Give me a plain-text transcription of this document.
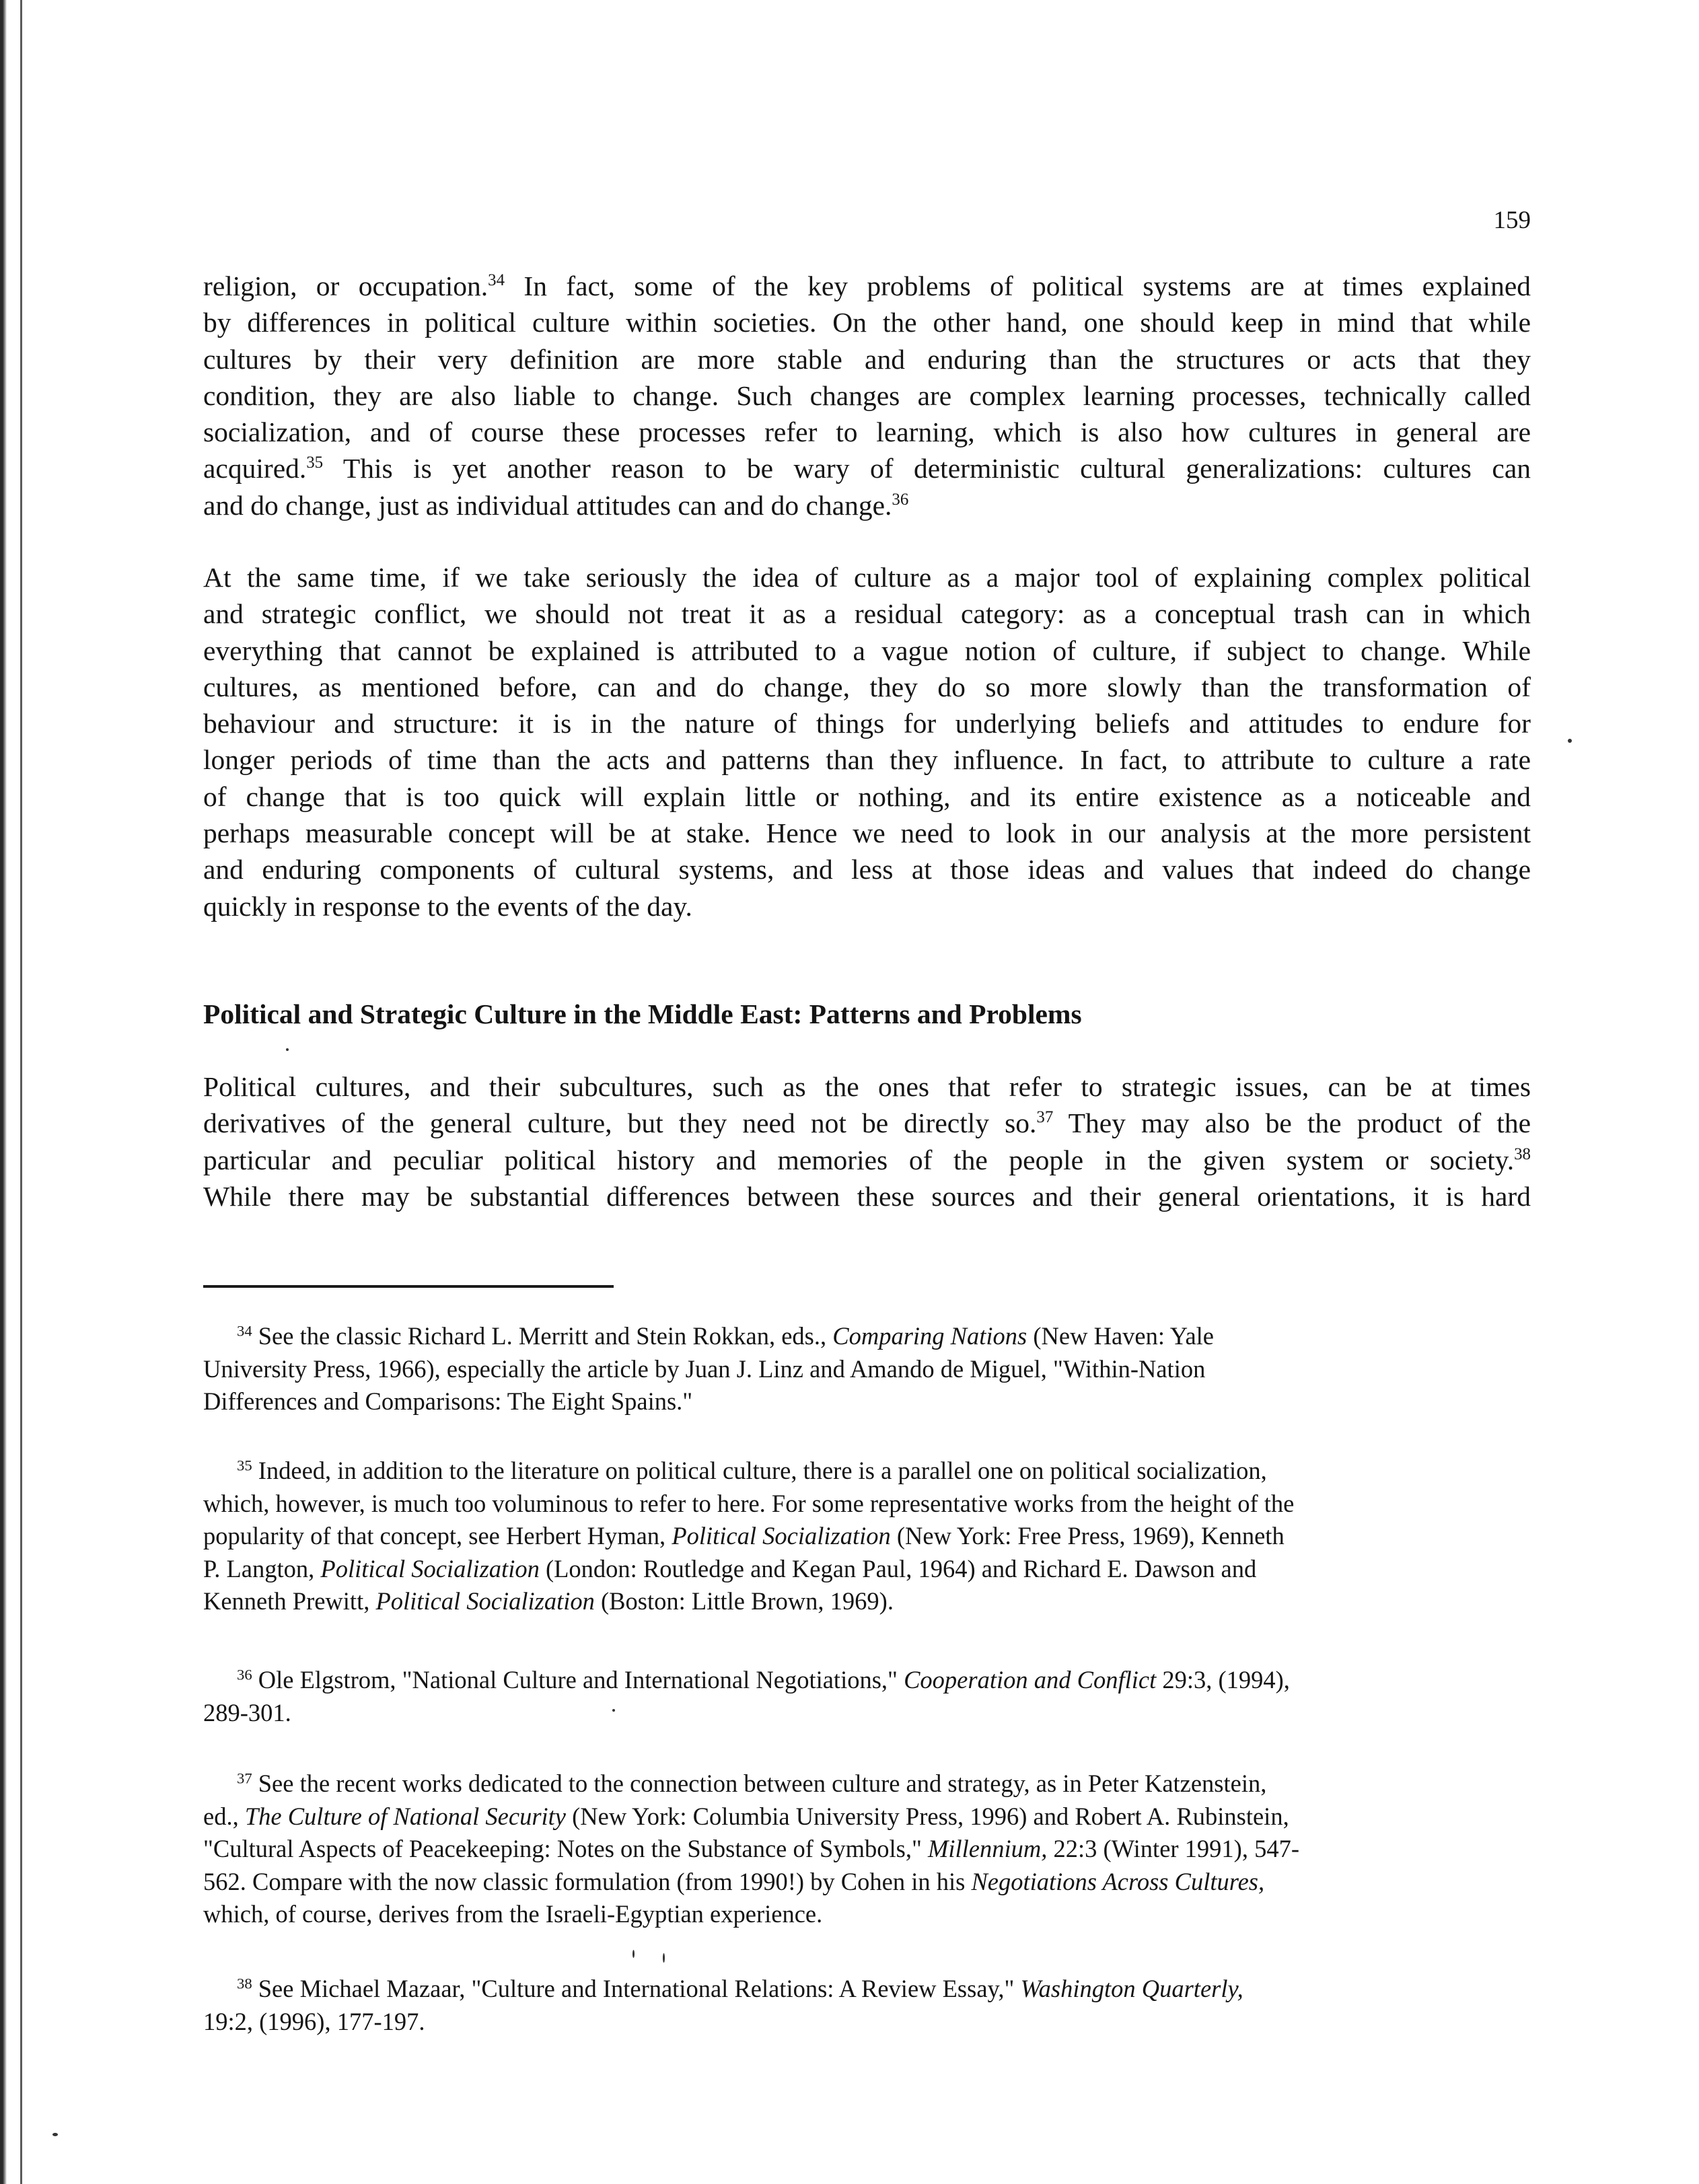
159
religion, or occupation.$^{34}$ In fact, some of the key problems of political systems are at times explained
by differences in political culture within societies. On the other hand, one should keep in mind that while
cultures by their very definition are more stable and enduring than the structures or acts that they
condition, they are also liable to change. Such changes are complex learning processes, technically called
socialization, and of course these processes refer to learning, which is also how cultures in general are
acquired.$^{35}$ This is yet another reason to be wary of deterministic cultural generalizations: cultures can
and do change, just as individual attitudes can and do change.$^{36}$
At the same time, if we take seriously the idea of culture as a major tool of explaining complex political
and strategic conflict, we should not treat it as a residual category: as a conceptual trash can in which
everything that cannot be explained is attributed to a vague notion of culture, if subject to change. While
cultures, as mentioned before, can and do change, they do so more slowly than the transformation of
behaviour and structure: it is in the nature of things for underlying beliefs and attitudes to endure for
longer periods of time than the acts and patterns than they influence. In fact, to attribute to culture a rate
of change that is too quick will explain little or nothing, and its entire existence as a noticeable and
perhaps measurable concept will be at stake. Hence we need to look in our analysis at the more persistent
and enduring components of cultural systems, and less at those ideas and values that indeed do change
quickly in response to the events of the day.
Political and Strategic Culture in the Middle East: Patterns and Problems
Political cultures, and their subcultures, such as the ones that refer to strategic issues, can be at times
derivatives of the general culture, but they need not be directly so.$^{37}$ They may also be the product of the
particular and peculiar political history and memories of the people in the given system or society.$^{38}$
While there may be substantial differences between these sources and their general orientations, it is hard
$^{34}$ See the classic Richard L. Merritt and Stein Rokkan, eds., Comparing Nations (New Haven: Yale
University Press, 1966), especially the article by Juan J. Linz and Amando de Miguel, "Within-Nation
Differences and Comparisons: The Eight Spains."
$^{35}$ Indeed, in addition to the literature on political culture, there is a parallel one on political socialization,
which, however, is much too voluminous to refer to here. For some representative works from the height of the
popularity of that concept, see Herbert Hyman, Political Socialization (New York: Free Press, 1969), Kenneth
P. Langton, Political Socialization (London: Routledge and Kegan Paul, 1964) and Richard E. Dawson and
Kenneth Prewitt, Political Socialization (Boston: Little Brown, 1969).
$^{36}$ Ole Elgstrom, "National Culture and International Negotiations," Cooperation and Conflict 29:3, (1994),
289-301.
$^{37}$ See the recent works dedicated to the connection between culture and strategy, as in Peter Katzenstein,
ed., The Culture of National Security (New York: Columbia University Press, 1996) and Robert A. Rubinstein,
"Cultural Aspects of Peacekeeping: Notes on the Substance of Symbols," Millennium, 22:3 (Winter 1991), 547-
562. Compare with the now classic formulation (from 1990!) by Cohen in his Negotiations Across Cultures,
which, of course, derives from the Israeli-Egyptian experience.
$^{38}$ See Michael Mazaar, "Culture and International Relations: A Review Essay," Washington Quarterly,
19:2, (1996), 177-197.
